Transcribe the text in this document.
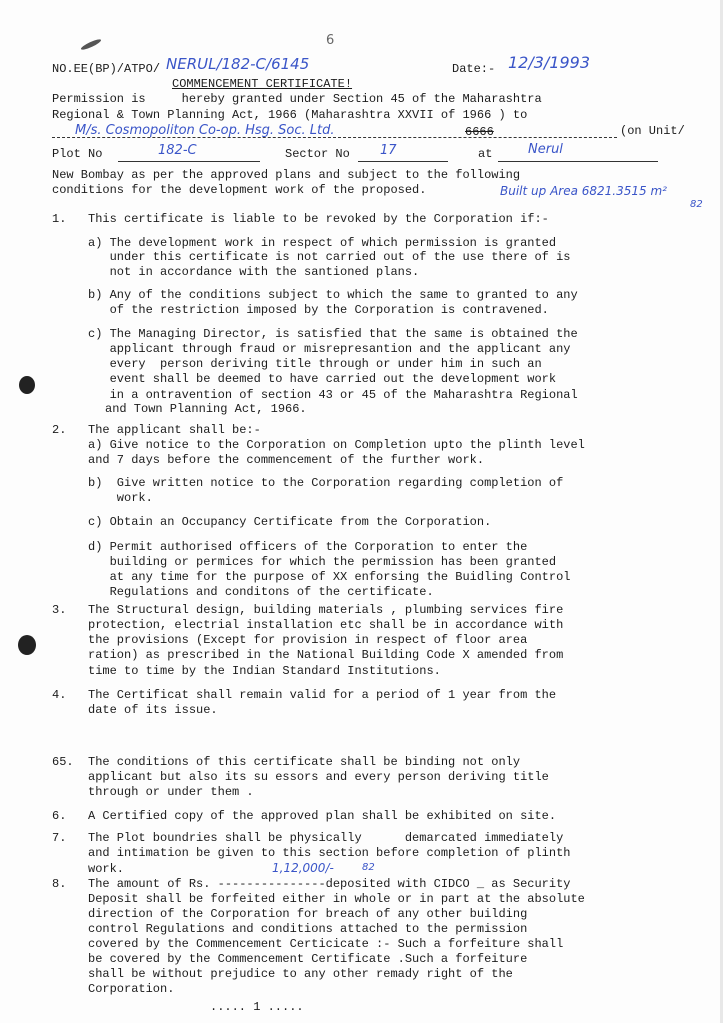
6
NO.EE(BP)/ATPO/ NERUL/182-C/6145	Date:- 12/3/1993
COMMENCEMENT CERTIFICATE!
M/s. Cosmopoliton Co-op. Hsg. Soc. Ltd.	6666	(on Unit/
Plot No	182-C	Sector No 17	at	Nerul
Built up Area 6821.3515 m²
82
1,12,000/-	82
Permission is     hereby granted under Section 45 of the Maharashtra
Regional & Town Planning Act, 1966 (Maharashtra XXVII of 1966 ) to
New Bombay as per the approved plans and subject to the following
conditions for the development work of the proposed.
1. This certificate is liable to be revoked by the Corporation if:-
a) The development work in respect of which permission is granted
under this certificate is not carried out of the use there of is
not in accordance with the santioned plans.
b) Any of the conditions subject to which the same to granted to any
of the restriction imposed by the Corporation is contravened.
c) The Managing Director, is satisfied that the same is obtained the
applicant through fraud or misrepresantion and the applicant any
every  person deriving title through or under him in such an
event shall be deemed to have carried out the development work
in a ontravention of section 43 or 45 of the Maharashtra Regional
and Town Planning Act, 1966.
2. The applicant shall be:-
a) Give notice to the Corporation on Completion upto the plinth level
and 7 days before the commencement of the further work.
b)  Give written notice to the Corporation regarding completion of
work.
c) Obtain an Occupancy Certificate from the Corporation.
d) Permit authorised officers of the Corporation to enter the
building or permices for which the permission has been granted
at any time for the purpose of XX enforsing the Buidling Control
Regulations and conditons of the certificate.
3. The Structural design, building materials , plumbing services fire
protection, electrial installation etc shall be in accordance with
the provisions (Except for provision in respect of floor area
ration) as prescribed in the National Building Code X amended from
time to time by the Indian Standard Institutions.
4. The Certificat shall remain valid for a period of 1 year from the
date of its issue.
65. The conditions of this certificate shall be binding not only
applicant but also its su essors and every person deriving title
through or under them .
6. A Certified copy of the approved plan shall be exhibited on site.
7. The Plot boundries shall be physically      demarcated immediately
and intimation be given to this section before completion of plinth
work.
8. The amount of Rs. ---------------deposited with CIDCO _ as Security
Deposit shall be forfeited either in whole or in part at the absolute
direction of the Corporation for breach of any other building
control Regulations and conditions attached to the permission
covered by the Commencement Certicicate :- Such a forfeiture shall
be covered by the Commencement Certificate .Such a forfeiture
shall be without prejudice to any other remady right of the
Corporation.
..... 1 .....
